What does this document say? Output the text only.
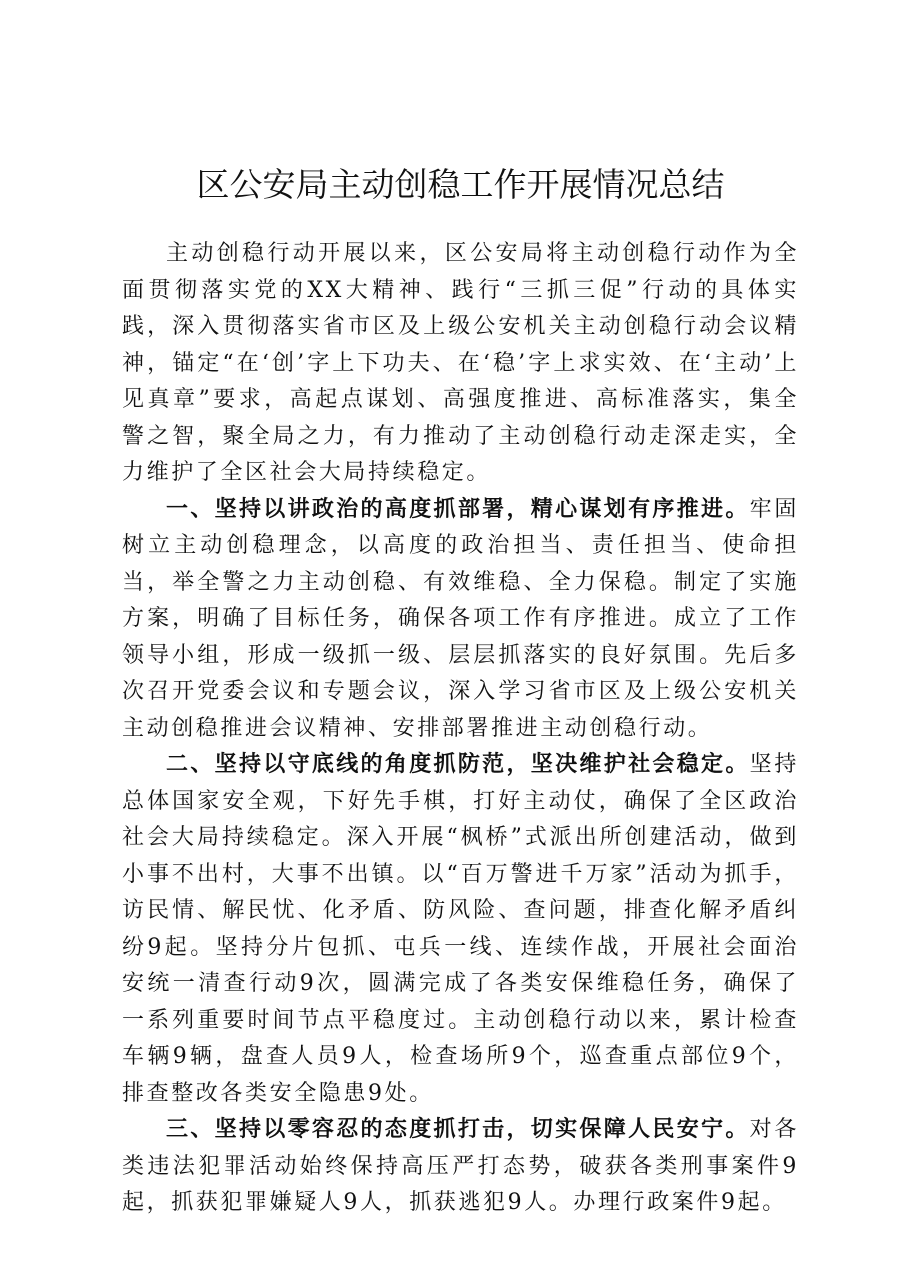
区公安局主动创稳工作开展情况总结

主动创稳行动开展以来，区公安局将主动创稳行动作为全面贯彻落实党的XX大精神、践行“三抓三促”行动的具体实践，深入贯彻落实省市区及上级公安机关主动创稳行动会议精神，锚定“在‘创’字上下功夫、在‘稳’字上求实效、在‘主动’上见真章”要求，高起点谋划、高强度推进、高标准落实，集全警之智，聚全局之力，有力推动了主动创稳行动走深走实，全力维护了全区社会大局持续稳定。

一、坚持以讲政治的高度抓部署，精心谋划有序推进。牢固树立主动创稳理念，以高度的政治担当、责任担当、使命担当，举全警之力主动创稳、有效维稳、全力保稳。制定了实施方案，明确了目标任务，确保各项工作有序推进。成立了工作领导小组，形成一级抓一级、层层抓落实的良好氛围。先后多次召开党委会议和专题会议，深入学习省市区及上级公安机关主动创稳推进会议精神、安排部署推进主动创稳行动。

二、坚持以守底线的角度抓防范，坚决维护社会稳定。坚持总体国家安全观，下好先手棋，打好主动仗，确保了全区政治社会大局持续稳定。深入开展“枫桥”式派出所创建活动，做到小事不出村，大事不出镇。以“百万警进千万家”活动为抓手，访民情、解民忧、化矛盾、防风险、查问题，排查化解矛盾纠纷9起。坚持分片包抓、屯兵一线、连续作战，开展社会面治安统一清查行动9次，圆满完成了各类安保维稳任务，确保了一系列重要时间节点平稳度过。主动创稳行动以来，累计检查车辆9辆，盘查人员9人，检查场所9个，巡查重点部位9个，排查整改各类安全隐患9处。

三、坚持以零容忍的态度抓打击，切实保障人民安宁。对各类违法犯罪活动始终保持高压严打态势，破获各类刑事案件9起，抓获犯罪嫌疑人9人，抓获逃犯9人。办理行政案件9起。
